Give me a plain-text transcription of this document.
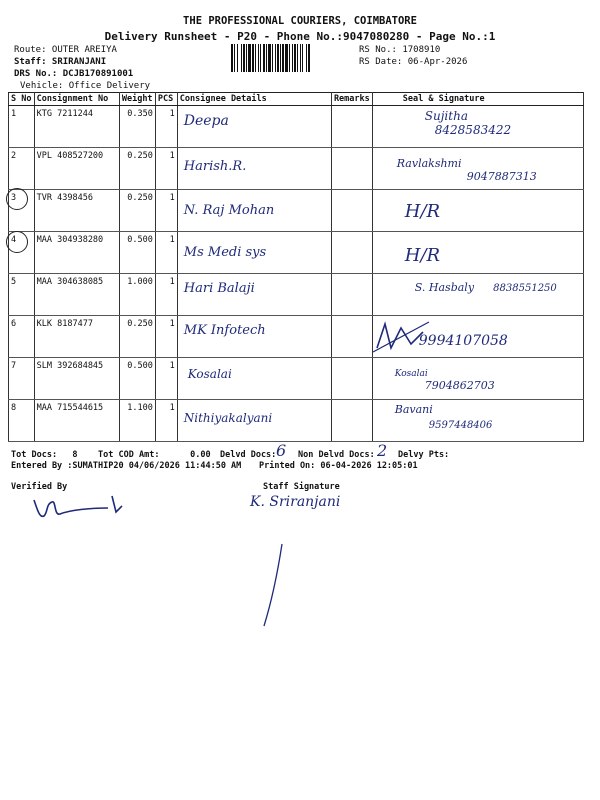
THE PROFESSIONAL COURIERS, COIMBATORE
Delivery Runsheet - P20 - Phone No.:9047080280 - Page No.:1
Route: OUTER AREIYA
Staff: SRIRANJANI
DRS No.: DCJB170891001
Vehicle: Office Delivery
RS No.: 1708910
RS Date: 06-Apr-2026
S No	Consignment No	Weight	PCS	Consignee Details	Remarks	Seal & Signature
1	KTG 7211244	0.350	1	Deepa		Sujitha
8428583422

2	VPL 408527200	0.250	1	Harish.R.		Ravlakshmi
9047887313

3	TVR 4398456	0.250	1	N. Raj Mohan		H/R

4	MAA 304938280	0.500	1	Ms Medi sys		H/R

5	MAA 304638085	1.000	1	Hari Balaji		S. Hasbaly 8838551250

6	KLK 8187477	0.250	1	MK Infotech		9994107058

7	SLM 392684845	0.500	1	Kosalai		Kosalai
7904862703

8	MAA 715544615	1.100	1	Nithiyakalyani		Bavani
9597448406
Tot Docs: 8 Tot COD Amt:	0.00 Delvd Docs: 6 Non Delvd Docs: 2 Delvy Pts:
Entered By :SUMATHIP20 04/06/2026 11:44:50 AM Printed On: 06-04-2026 12:05:01
Verified By	Staff Signature
K. Sriranjani
